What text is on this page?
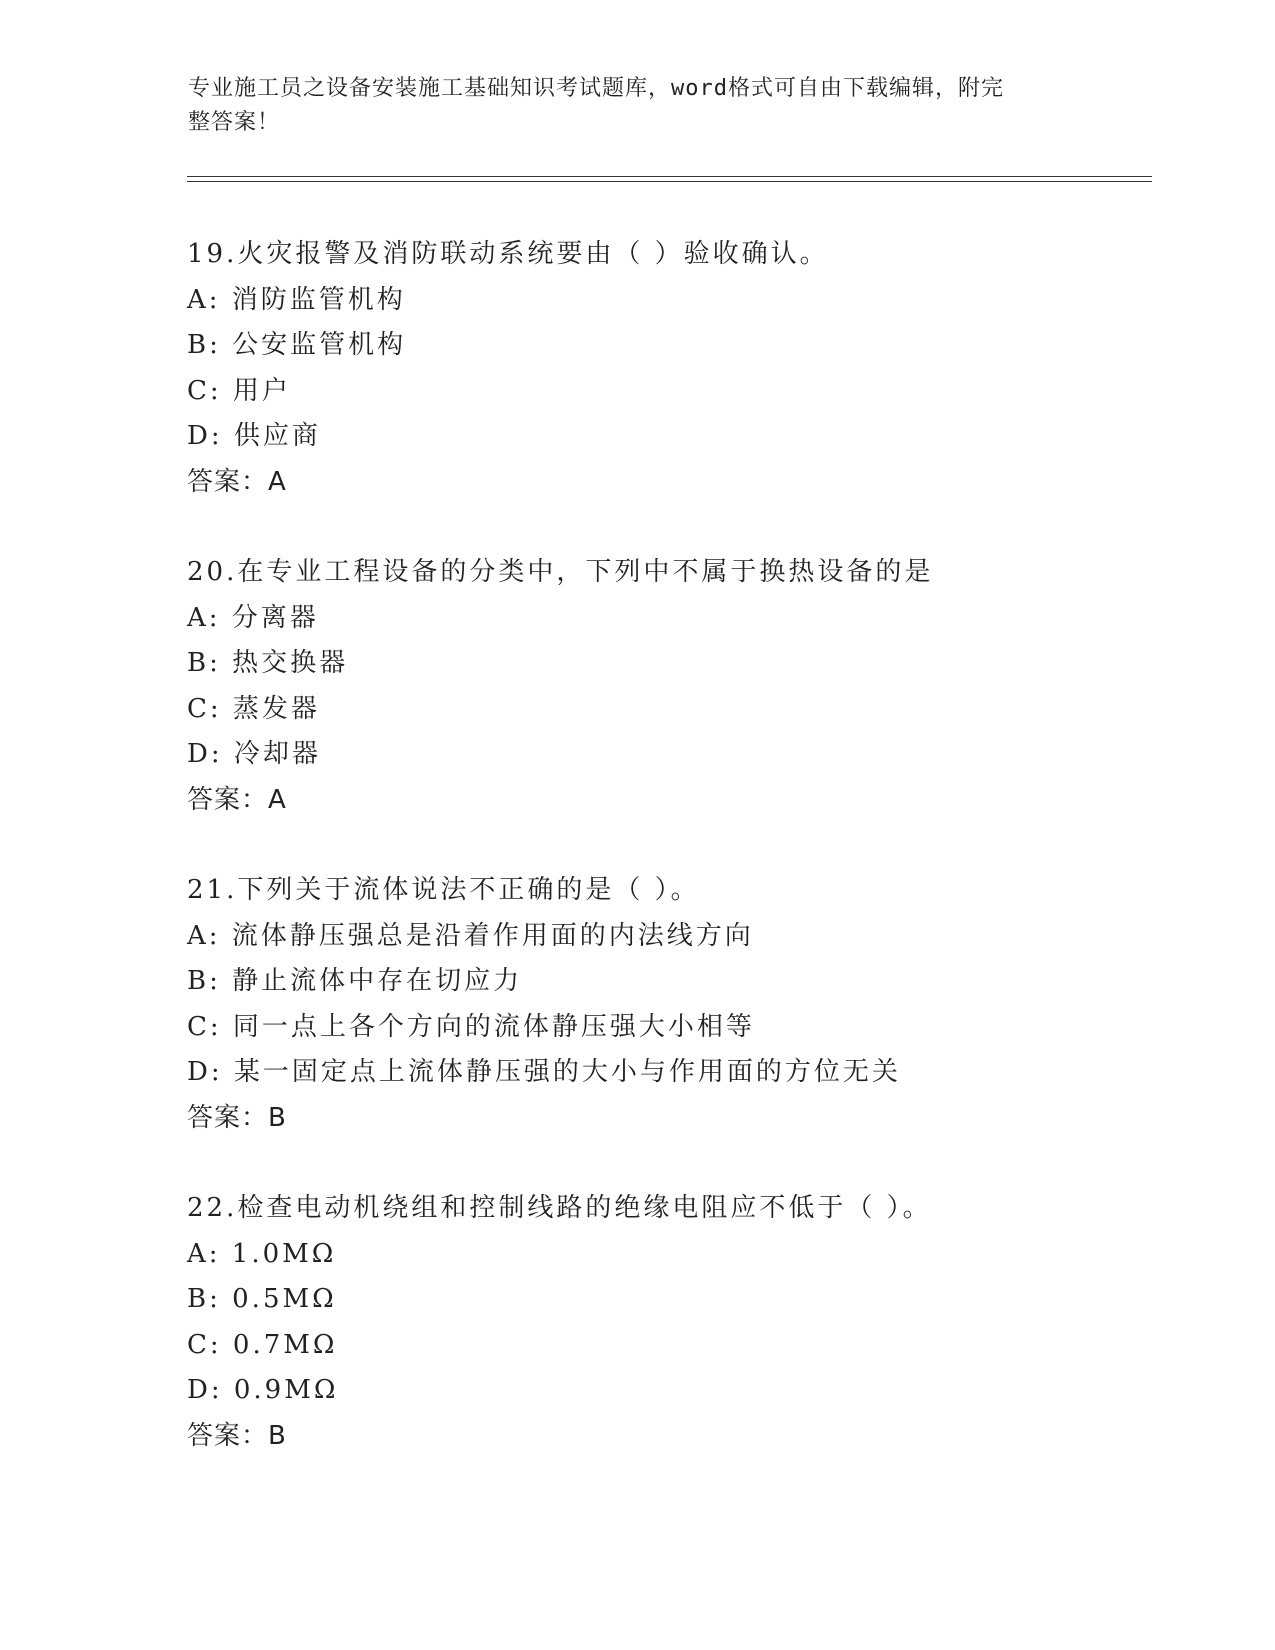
专业施工员之设备安装施工基础知识考试题库，word格式可自由下载编辑，附完
整答案！
19.火灾报警及消防联动系统要由（ ）验收确认。
A: 消防监管机构
B: 公安监管机构
C: 用户
D: 供应商
答案：A
20.在专业工程设备的分类中，下列中不属于换热设备的是
A: 分离器
B: 热交换器
C: 蒸发器
D: 冷却器
答案：A
21.下列关于流体说法不正确的是（ ）。
A: 流体静压强总是沿着作用面的内法线方向
B: 静止流体中存在切应力
C: 同一点上各个方向的流体静压强大小相等
D: 某一固定点上流体静压强的大小与作用面的方位无关
答案：B
22.检查电动机绕组和控制线路的绝缘电阻应不低于（ ）。
A: 1.0MΩ
B: 0.5MΩ
C: 0.7MΩ
D: 0.9MΩ
答案：B
